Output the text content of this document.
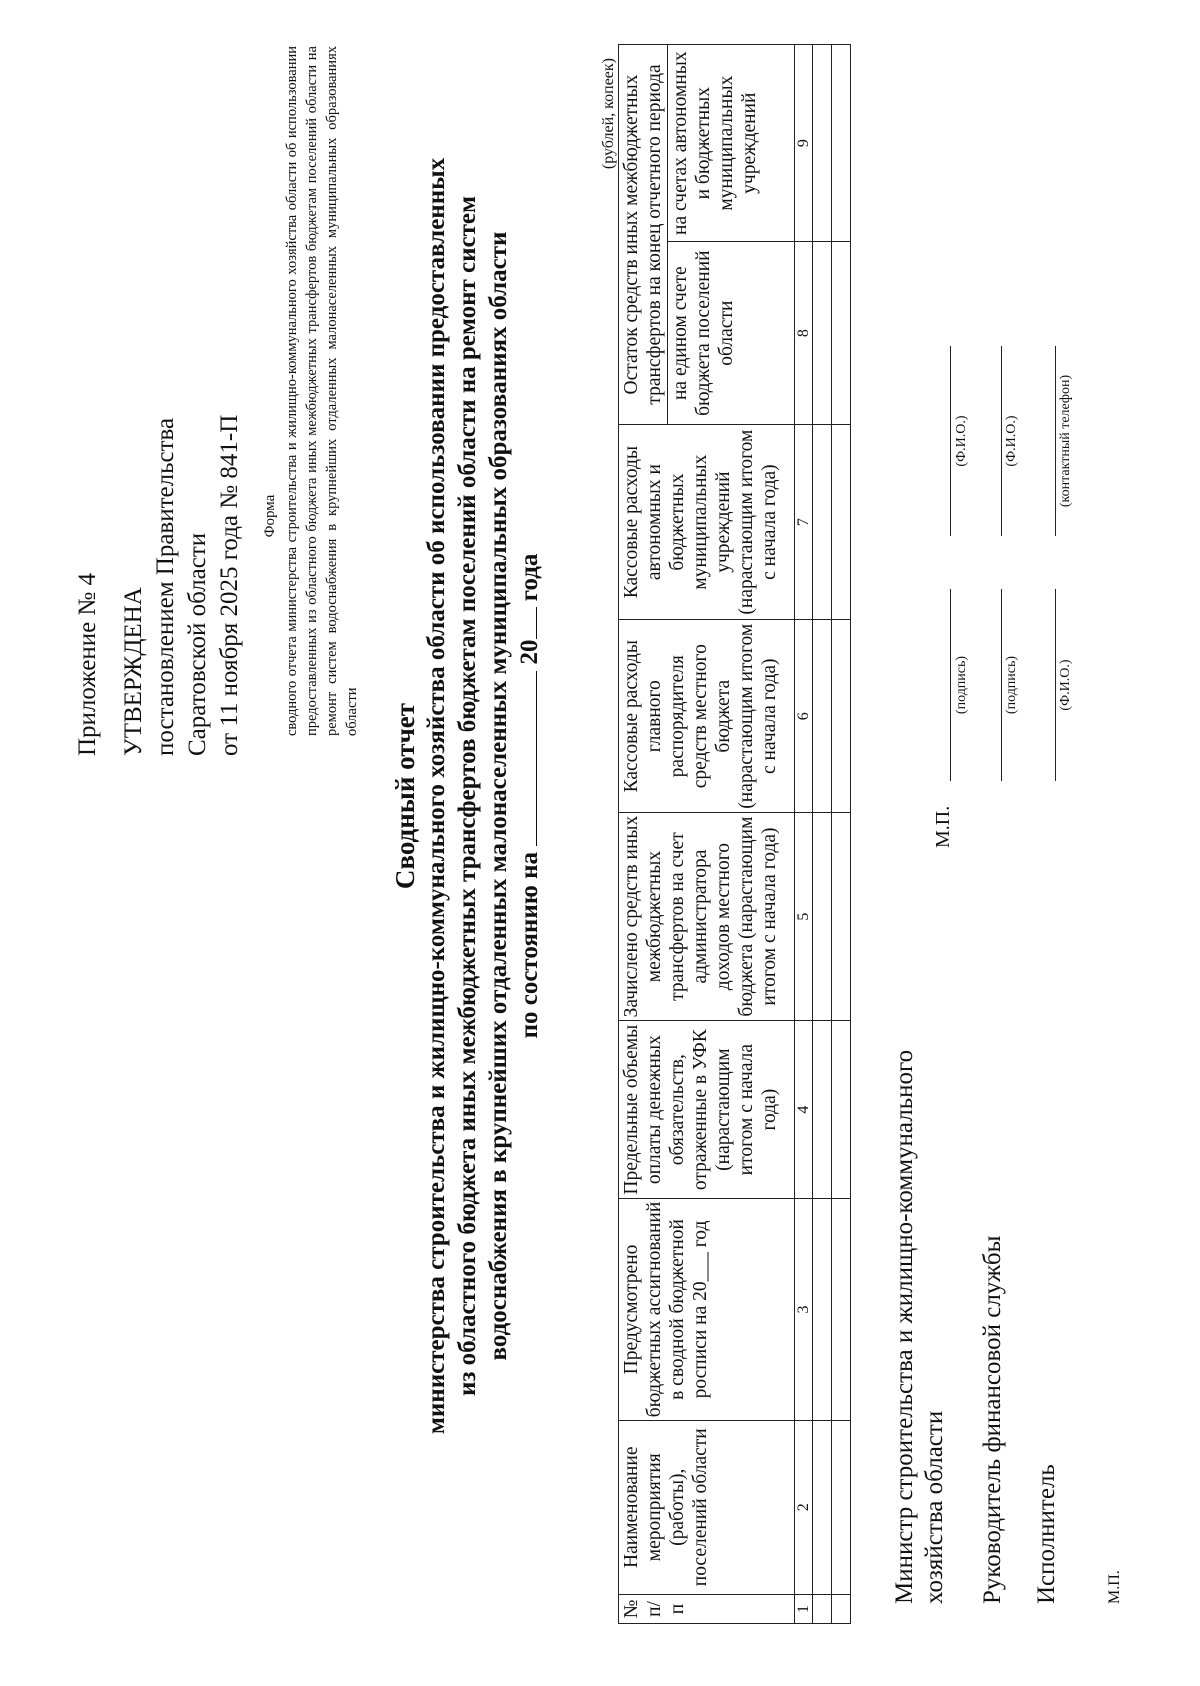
Приложение № 4 УТВЕРЖДЕНА постановлением Правительства Саратовской области от 11 ноября 2025 года № 841-П Форма сводного отчета министерства строительства и жилищно-коммунального хозяйства области об использовании предоставленных из областного бюджета иных межбюджетных трансфертов бюджетам поселений области на ремонт систем водоснабжения в крупнейших отдаленных малонаселенных муниципальных образованиях области Сводный отчет министерства строительства и жилищно-коммунального хозяйства области об использовании предоставленных из областного бюджета иных межбюджетных трансфертов бюджетам поселений области на ремонт систем водоснабжения в крупнейших отдаленных малонаселенных муниципальных образованиях области по состоянию на  20 года
(рублей, копеек)
№ п/п	Наименование мероприятия (работы), поселений области	Предусмотрено бюджетных ассигнований в сводной бюджетной росписи на 20___ год	Предельные объемы оплаты денежных обязательств, отраженные в УФК (нарастающим итогом с начала года)	Зачислено средств иных межбюджетных трансфертов на счет администратора доходов местного бюджета (нарастающим итогом с начала года)	Кассовые расходы главного распорядителя средств местного бюджета (нарастающим итогом с начала года)	Кассовые расходы автономных и бюджетных муниципальных учреждений (нарастающим итогом с начала года)	Остаток средств иных межбюджетных трансфертов на конец отчетного периода	
							на едином счете бюджета поселений области	на счетах автономных и бюджетных муниципальных учреждений
1	2	3	4	5	6	7	8	9

Министр строительства и жилищно-коммунального хозяйства области
М.П.
(подпись)
(Ф.И.О.)
Руководитель финансовой службы
(подпись)
(Ф.И.О.)
Исполнитель
(Ф.И.О.)
(контактный телефон)
М.П.
